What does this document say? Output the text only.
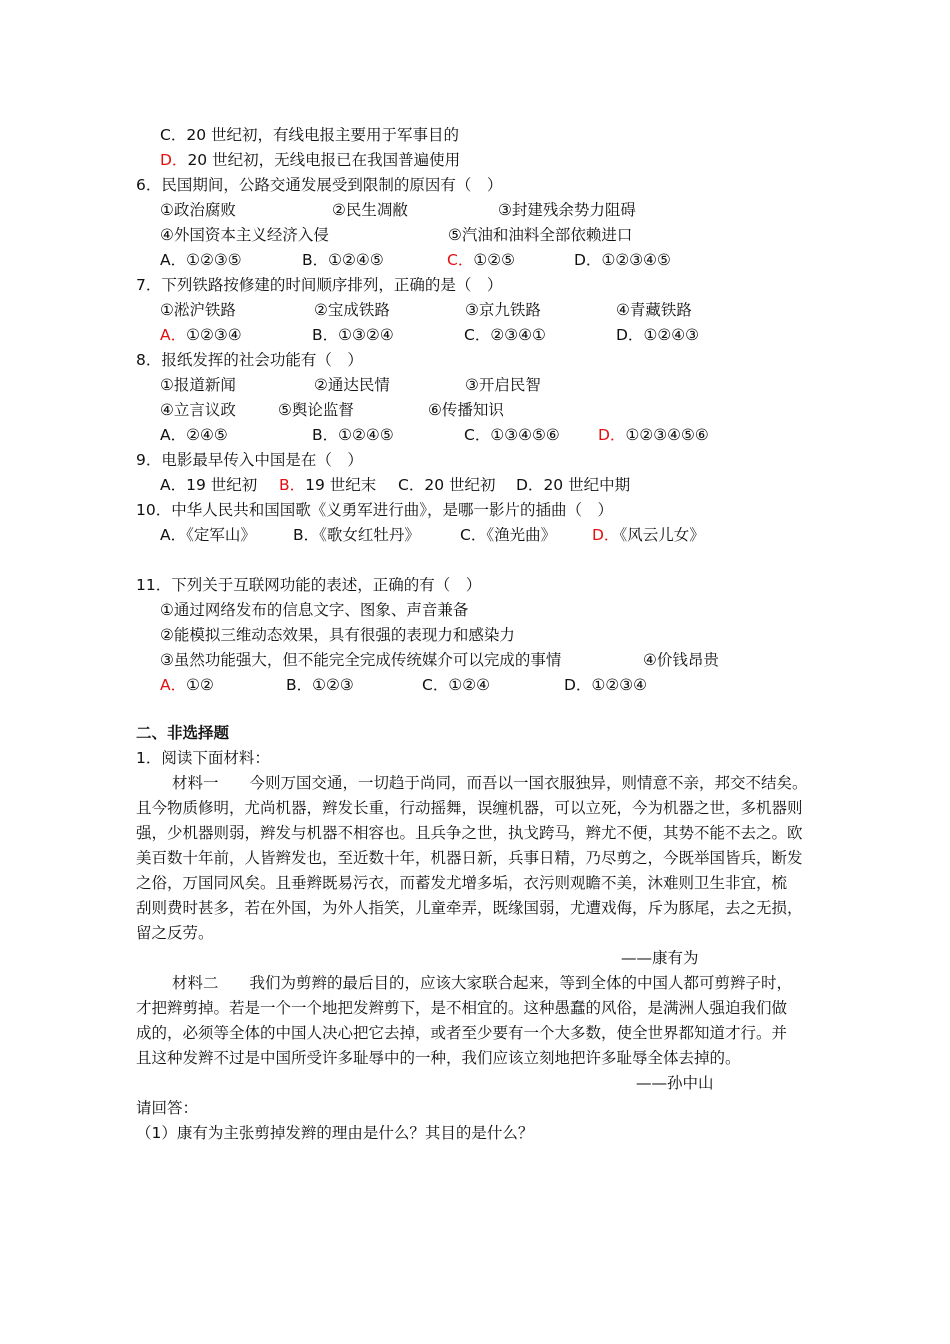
C．20 世纪初，有线电报主要用于军事目的
D．20 世纪初，无线电报已在我国普遍使用
6．民国期间，公路交通发展受到限制的原因有（　）
①政治腐败	②民生凋敝	③封建残余势力阻碍
④外国资本主义经济入侵	⑤汽油和油料全部依赖进口
A．①②③⑤	B．①②④⑤	C．①②⑤	D．①②③④⑤
7．下列铁路按修建的时间顺序排列，正确的是（　）
①淞沪铁路	②宝成铁路	③京九铁路	④青藏铁路
A．①②③④	B．①③②④	C．②③④①	D．①②④③
8．报纸发挥的社会功能有（　）
①报道新闻	②通达民情	③开启民智
④立言议政	⑤舆论监督	⑥传播知识
A．②④⑤	B．①②④⑤	C．①③④⑤⑥ D．①②③④⑤⑥
9．电影最早传入中国是在（　）
A．19 世纪初 B．19 世纪末 C．20 世纪初 D．20 世纪中期
10．中华人民共和国国歌《义勇军进行曲》，是哪一影片的插曲（　）
A．《定军山》 B．《歌女红牡丹》	C．《渔光曲》 D．《风云儿女》
11．下列关于互联网功能的表述，正确的有（　）
①通过网络发布的信息文字、图象、声音兼备
②能模拟三维动态效果，具有很强的表现力和感染力
③虽然功能强大，但不能完全完成传统媒介可以完成的事情	④价钱昂贵
A．①②	B．①②③	C．①②④	D．①②③④
二、非选择题
1．阅读下面材料：
材料一　　今则万国交通，一切趋于尚同，而吾以一国衣服独异，则情意不亲，邦交不结矣。
且今物质修明，尤尚机器，辫发长重，行动摇舞，误缠机器，可以立死，今为机器之世，多机器则
强，少机器则弱，辫发与机器不相容也。且兵争之世，执戈跨马，辫尤不便，其势不能不去之。欧
美百数十年前，人皆辫发也，至近数十年，机器日新，兵事日精，乃尽剪之，今既举国皆兵，断发
之俗，万国同风矣。且垂辫既易污衣，而蓄发尤增多垢，衣污则观瞻不美，沐难则卫生非宜，梳
刮则费时甚多，若在外国，为外人指笑，儿童牵弄，既缘国弱，尤遭戏侮，斥为豚尾，去之无损，
留之反劳。
——康有为
材料二　　我们为剪辫的最后目的，应该大家联合起来，等到全体的中国人都可剪辫子时，
才把辫剪掉。若是一个一个地把发辫剪下，是不相宜的。这种愚蠢的风俗，是满洲人强迫我们做
成的，必须等全体的中国人决心把它去掉，或者至少要有一个大多数，使全世界都知道才行。并
且这种发辫不过是中国所受许多耻辱中的一种，我们应该立刻地把许多耻辱全体去掉的。
——孙中山
请回答：
（1）康有为主张剪掉发辫的理由是什么？其目的是什么？
